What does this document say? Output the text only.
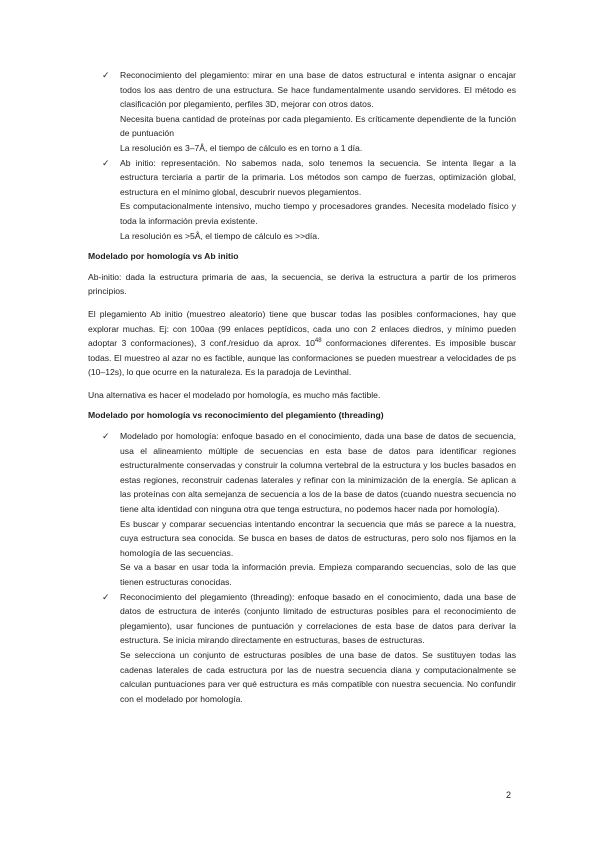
✓	Reconocimiento del plegamiento: mirar en una base de datos estructural e intenta asignar o encajar todos los aas dentro de una estructura. Se hace fundamentalmente usando servidores. El método es clasificación por plegamiento, perfiles 3D, mejorar con otros datos.
Necesita buena cantidad de proteínas por cada plegamiento. Es críticamente dependiente de la función de puntuación
La resolución es 3–7Å, el tiempo de cálculo es en torno a 1 día.
✓	Ab initio: representación. No sabemos nada, solo tenemos la secuencia. Se intenta llegar a la estructura terciaria a partir de la primaria. Los métodos son campo de fuerzas, optimización global, estructura en el mínimo global, descubrir nuevos plegamientos.
Es computacionalmente intensivo, mucho tiempo y procesadores grandes. Necesita modelado físico y toda la información previa existente.
La resolución es >5Å, el tiempo de cálculo es >>día.
Modelado por homología vs Ab initio
Ab-initio: dada la estructura primaria de aas, la secuencia, se deriva la estructura a partir de los primeros principios.
El plegamiento Ab initio (muestreo aleatorio) tiene que buscar todas las posibles conformaciones, hay que explorar muchas. Ej: con 100aa (99 enlaces peptídicos, cada uno con 2 enlaces diedros, y mínimo pueden adoptar 3 conformaciones), 3 conf./residuo da aprox. $10^{48}$ conformaciones diferentes. Es imposible buscar todas. El muestreo al azar no es factible, aunque las conformaciones se pueden muestrear a velocidades de ps (10–12s), lo que ocurre en la naturaleza. Es la paradoja de Levinthal.
Una alternativa es hacer el modelado por homología, es mucho más factible.
Modelado por homología vs reconocimiento del plegamiento (threading)
✓	Modelado por homología: enfoque basado en el conocimiento, dada una base de datos de secuencia, usa el alineamiento múltiple de secuencias en esta base de datos para identificar regiones estructuralmente conservadas y construir la columna vertebral de la estructura y los bucles basados en estas regiones, reconstruir cadenas laterales y refinar con la minimización de la energía. Se aplican a las proteínas con alta semejanza de secuencia a los de la base de datos (cuando nuestra secuencia no tiene alta identidad con ninguna otra que tenga estructura, no podemos hacer nada por homología).
Es buscar y comparar secuencias intentando encontrar la secuencia que más se parece a la nuestra, cuya estructura sea conocida. Se busca en bases de datos de estructuras, pero solo nos fijamos en la homología de las secuencias.
Se va a basar en usar toda la información previa. Empieza comparando secuencias, solo de las que tienen estructuras conocidas.
✓	Reconocimiento del plegamiento (threading): enfoque basado en el conocimiento, dada una base de datos de estructura de interés (conjunto limitado de estructuras posibles para el reconocimiento de plegamiento), usar funciones de puntuación y correlaciones de esta base de datos para derivar la estructura. Se inicia mirando directamente en estructuras, bases de estructuras.
Se selecciona un conjunto de estructuras posibles de una base de datos. Se sustituyen todas las cadenas laterales de cada estructura por las de nuestra secuencia diana y computacionalmente se calculan puntuaciones para ver qué estructura es más compatible con nuestra secuencia. No confundir con el modelado por homología.
2
